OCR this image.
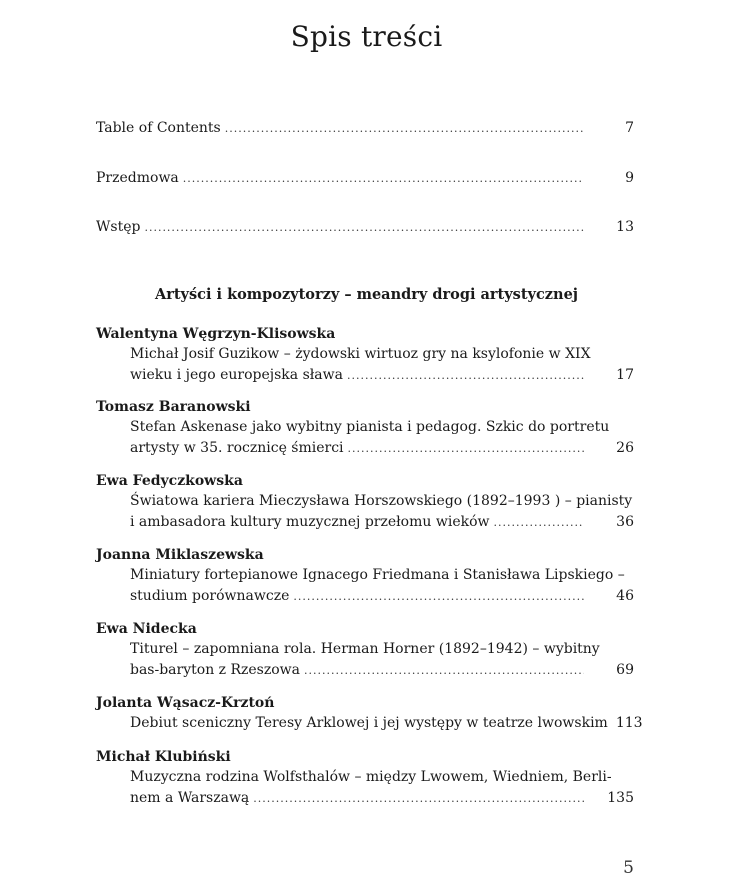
Spis treści
Table of Contents .....	7
Przedmowa .....	9
Wstęp .....	13
Artyści i kompozytorzy – meandry drogi artystycznej
Walentyna Węgrzyn-Klisowska
Michał Josif Guzikow – żydowski wirtuoz gry na ksylofonie w XIX
wieku i jego europejska sława .....	17
Tomasz Baranowski
Stefan Askenase jako wybitny pianista i pedagog. Szkic do portretu
artysty w 35. rocznicę śmierci .....	26
Ewa Fedyczkowska
Światowa kariera Mieczysława Horszowskiego (1892–1993 ) – pianisty
i ambasadora kultury muzycznej przełomu wieków .....	36
Joanna Miklaszewska
Miniatury fortepianowe Ignacego Friedmana i Stanisława Lipskiego –
studium porównawcze .....	46
Ewa Nidecka
Titurel – zapomniana rola. Herman Horner (1892–1942) – wybitny
bas-baryton z Rzeszowa .....	69
Jolanta Wąsacz-Krztoń
Debiut sceniczny Teresy Arklowej i jej występy w teatrze lwowskim 113
Michał Klubiński
Muzyczna rodzina Wolfsthalów – między Lwowem, Wiedniem, Berli-
nem a Warszawą .....	135
5
